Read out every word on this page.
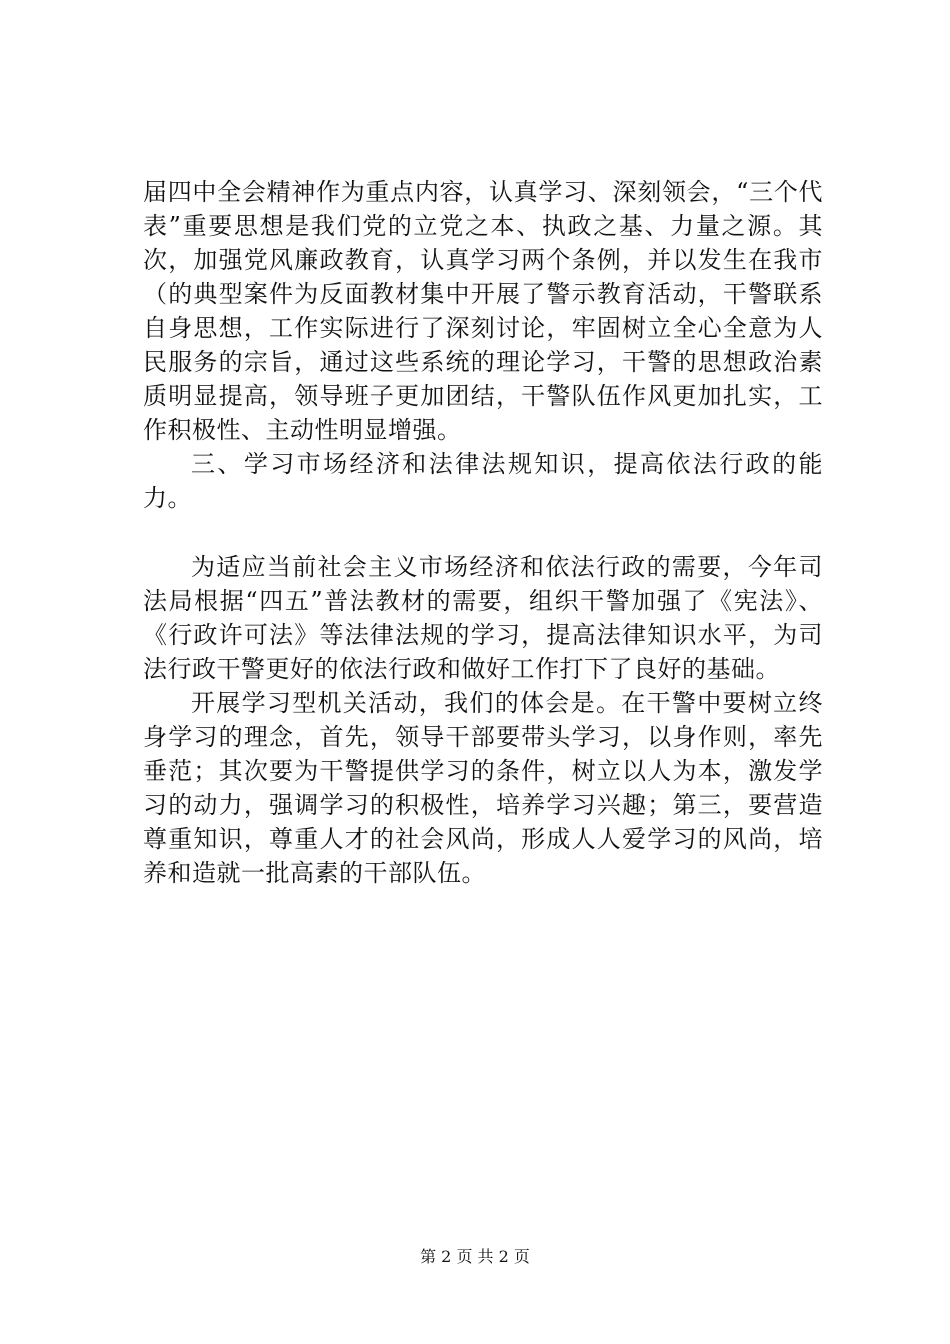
届四中全会精神作为重点内容，认真学习、深刻领会，“三个代表”重要思想是我们党的立党之本、执政之基、力量之源。其次，加强党风廉政教育，认真学习两个条例，并以发生在我市（的典型案件为反面教材集中开展了警示教育活动，干警联系自身思想，工作实际进行了深刻讨论，牢固树立全心全意为人民服务的宗旨，通过这些系统的理论学习，干警的思想政治素质明显提高，领导班子更加团结，干警队伍作风更加扎实，工作积极性、主动性明显增强。

三、学习市场经济和法律法规知识，提高依法行政的能力。

为适应当前社会主义市场经济和依法行政的需要，今年司法局根据“四五”普法教材的需要，组织干警加强了《宪法》、《行政许可法》等法律法规的学习，提高法律知识水平，为司法行政干警更好的依法行政和做好工作打下了良好的基础。

开展学习型机关活动，我们的体会是。在干警中要树立终身学习的理念，首先，领导干部要带头学习，以身作则，率先垂范；其次要为干警提供学习的条件，树立以人为本，激发学习的动力，强调学习的积极性，培养学习兴趣；第三，要营造尊重知识，尊重人才的社会风尚，形成人人爱学习的风尚，培养和造就一批高素的干部队伍。

第 2 页 共 2 页
